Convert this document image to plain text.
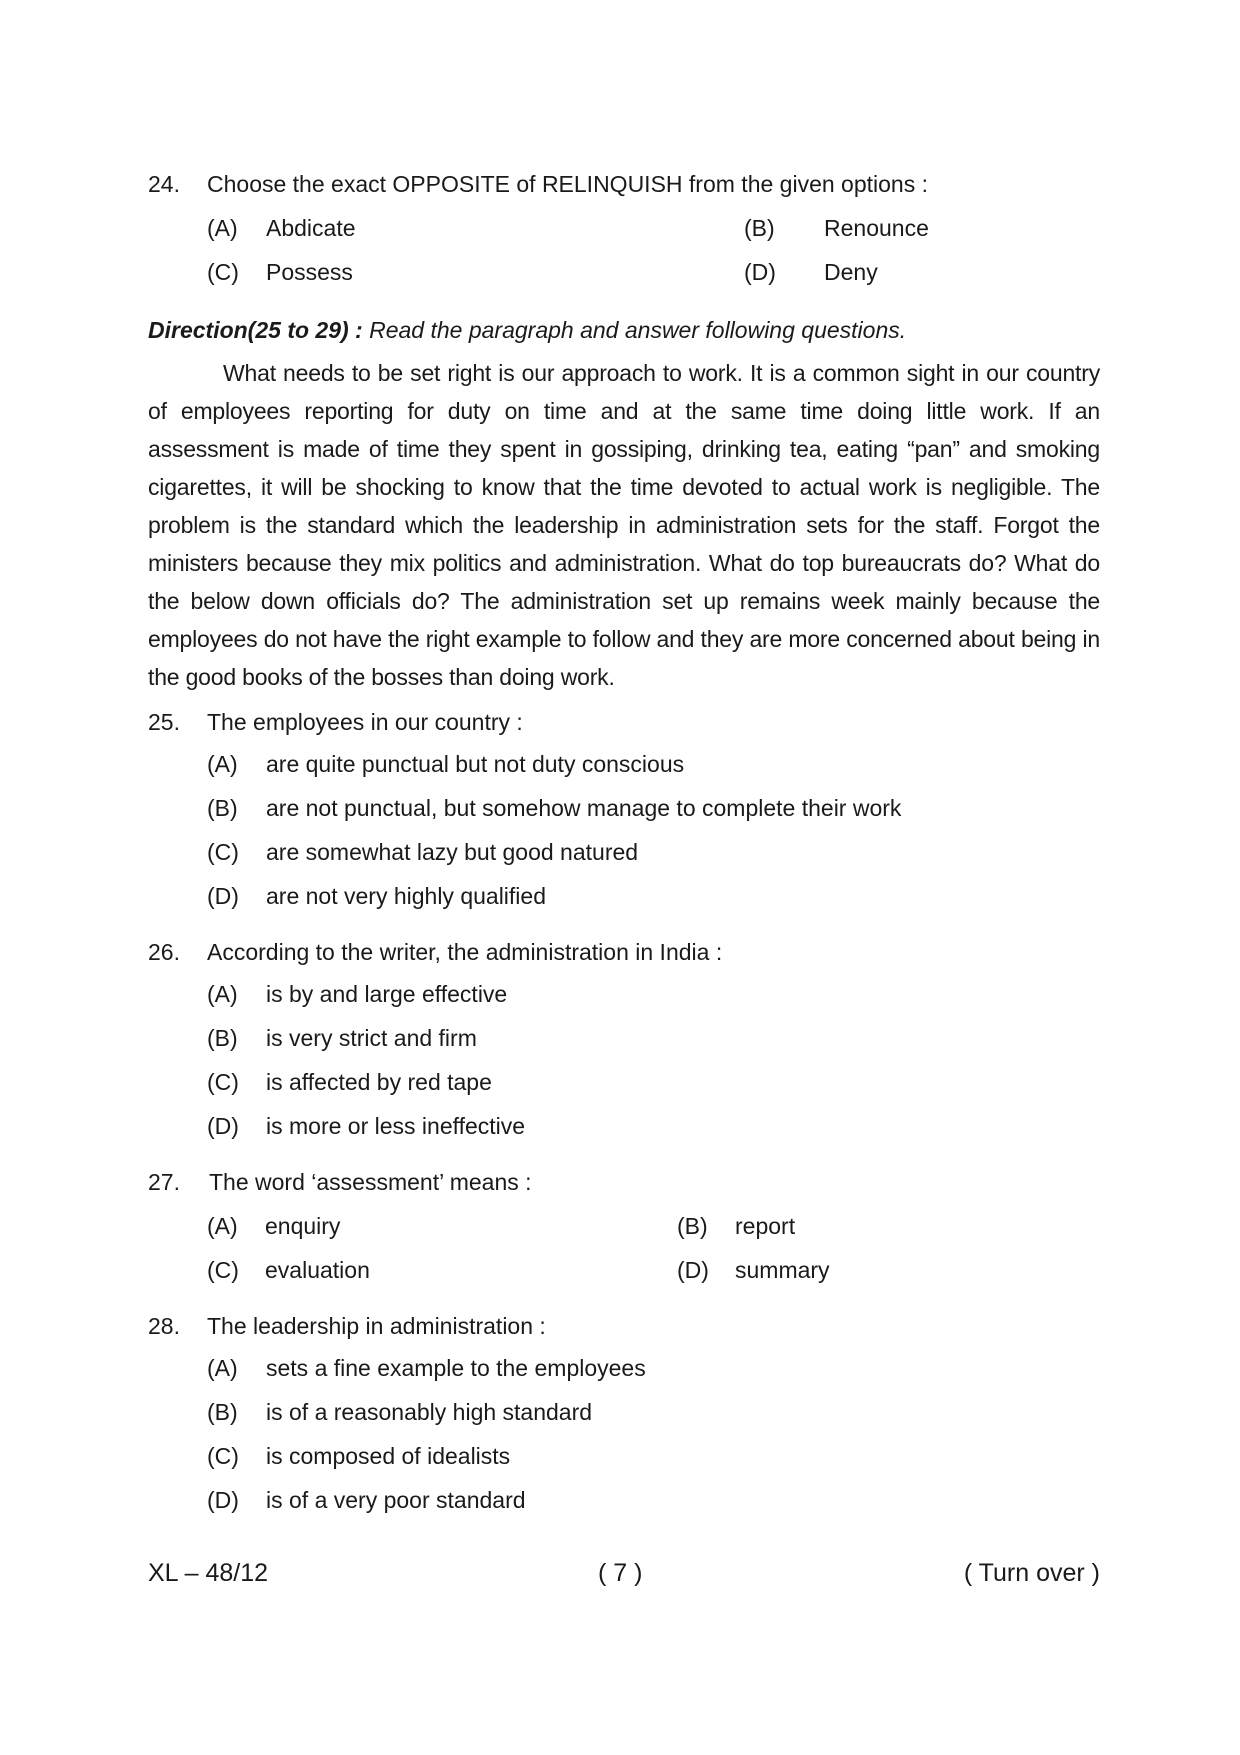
24. Choose the exact OPPOSITE of RELINQUISH from the given options :
(A) Abdicate	(B) Renounce
(C) Possess	(D) Deny
Direction(25 to 29) : Read the paragraph and answer following questions.

What needs to be set right is our approach to work. It is a common sight in our country of employees reporting for duty on time and at the same time doing little work. If an assessment is made of time they spent in gossiping, drinking tea, eating “pan” and smoking cigarettes, it will be shocking to know that the time devoted to actual work is negligible. The problem is the standard which the leadership in administration sets for the staff. Forgot the ministers because they mix politics and administration. What do top bureaucrats do? What do the below down officials do? The administration set up remains week mainly because the employees do not have the right example to follow and they are more concerned about being in the good books of the bosses than doing work.

25. The employees in our country :
(A) are quite punctual but not duty conscious
(B) are not punctual, but somehow manage to complete their work
(C) are somewhat lazy but good natured
(D) are not very highly qualified
26. According to the writer, the administration in India :
(A) is by and large effective
(B) is very strict and firm
(C) is affected by red tape
(D) is more or less ineffective
27. The word ‘assessment’ means :
(A) enquiry	(B) report
(C) evaluation	(D) summary
28. The leadership in administration :
(A) sets a fine example to the employees
(B) is of a reasonably high standard
(C) is composed of idealists
(D) is of a very poor standard
XL – 48/12	( 7 )	( Turn over )
